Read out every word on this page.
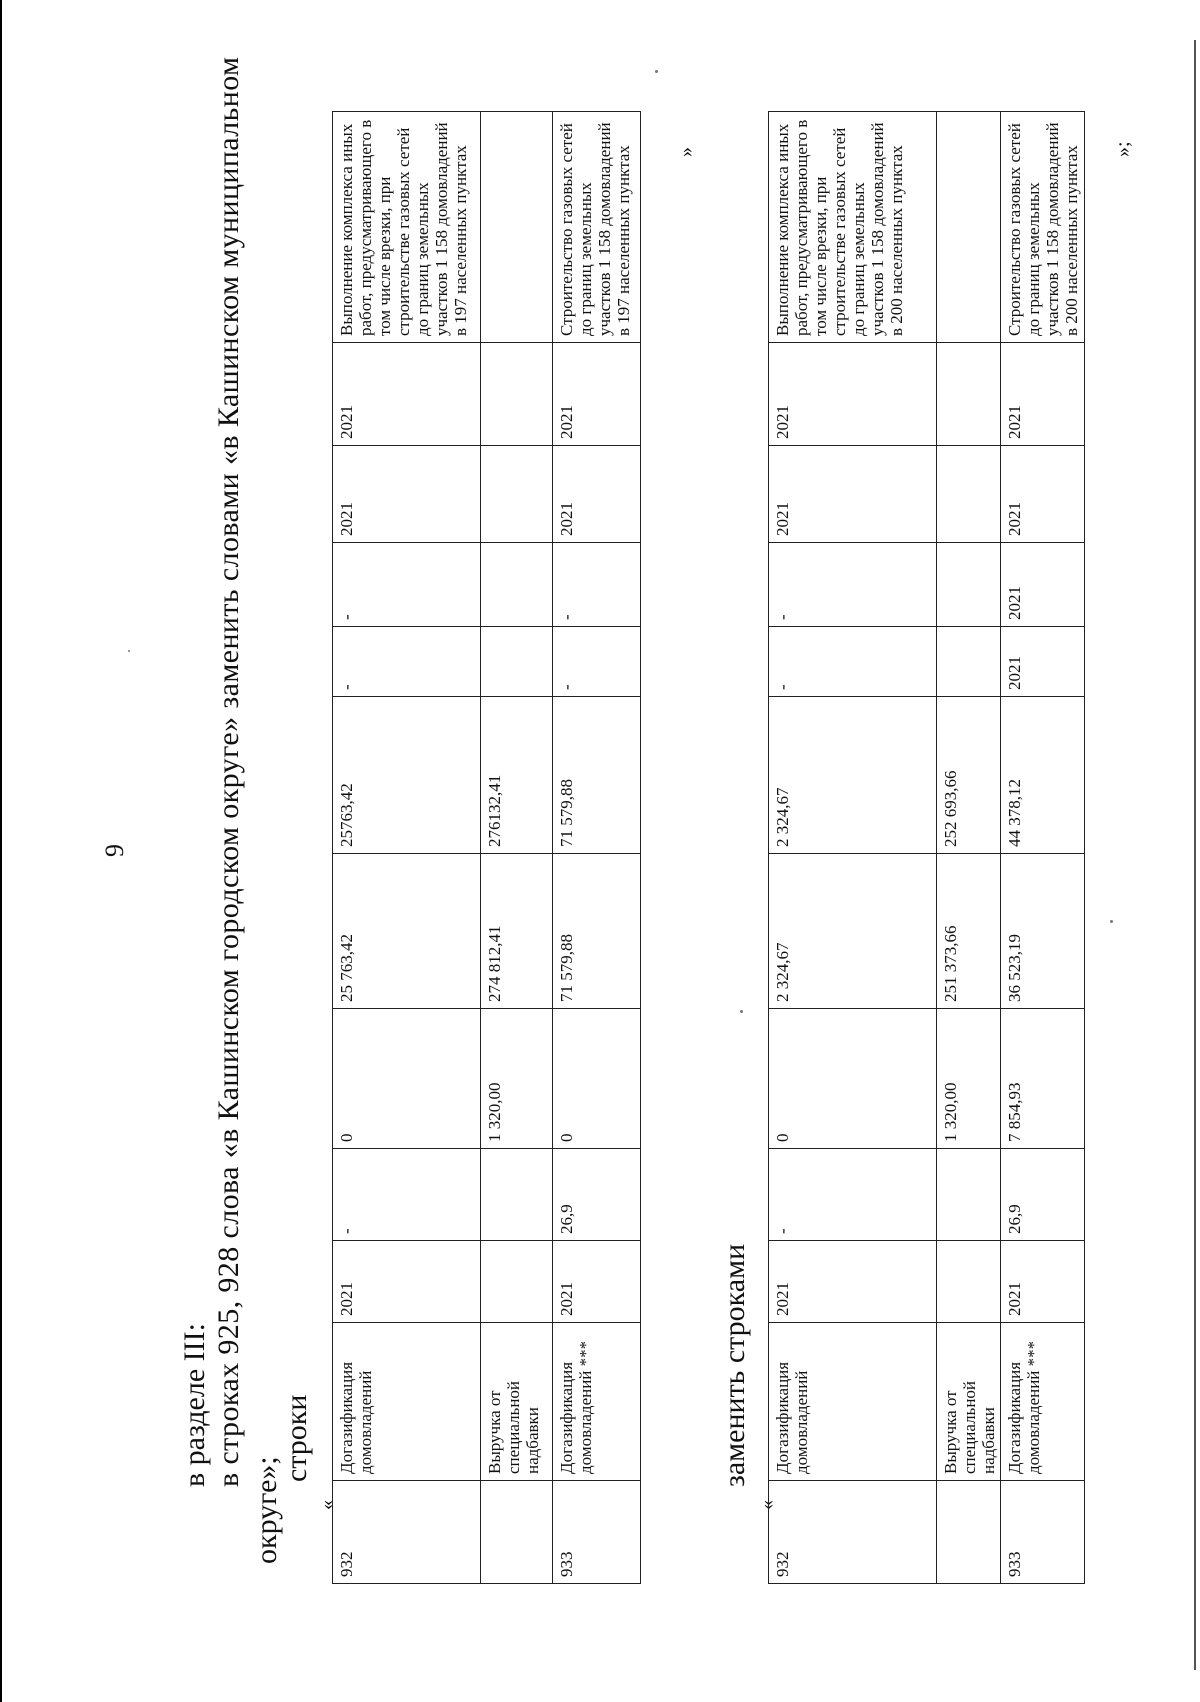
9
в разделе III: в строках 925, 928 слова «в Кашинском городском округе» заменить словами «в Кашинском муниципальном
округе»;
строки
«
932	Догазификация домовладений	2021	-	0	25 763,42	25763,42	-	-	2021	2021	Выполнение комплекса иных работ, предусматривающего в том числе врезки, при строительстве газовых сетей до границ земельных участков 1 158 домовладений в 197 населенных пунктах
	Выручка от специальной надбавки			1 320,00	274 812,41	276132,41					
933	Догазификация домовладений ***	2021	26,9	0	71 579,88	71 579,88	-	-	2021	2021	Строительство газовых сетей до границ земельных участков 1 158 домовладений в 197 населенных пунктах »
заменить строками
«
932	Догазификация домовладений	2021	-	0	2 324,67	2 324,67	-	-	2021	2021	Выполнение комплекса иных работ, предусматривающего в том числе врезки, при строительстве газовых сетей до границ земельных участков 1 158 домовладений в 200 населенных пунктах
	Выручка от специальной надбавки			1 320,00	251 373,66	252 693,66					
933	Догазификация домовладений ***	2021	26,9	7 854,93	36 523,19	44 378,12	2021	2021	2021	2021	Строительство газовых сетей до границ земельных участков 1 158 домовладений в 200 населенных пунктах »;
